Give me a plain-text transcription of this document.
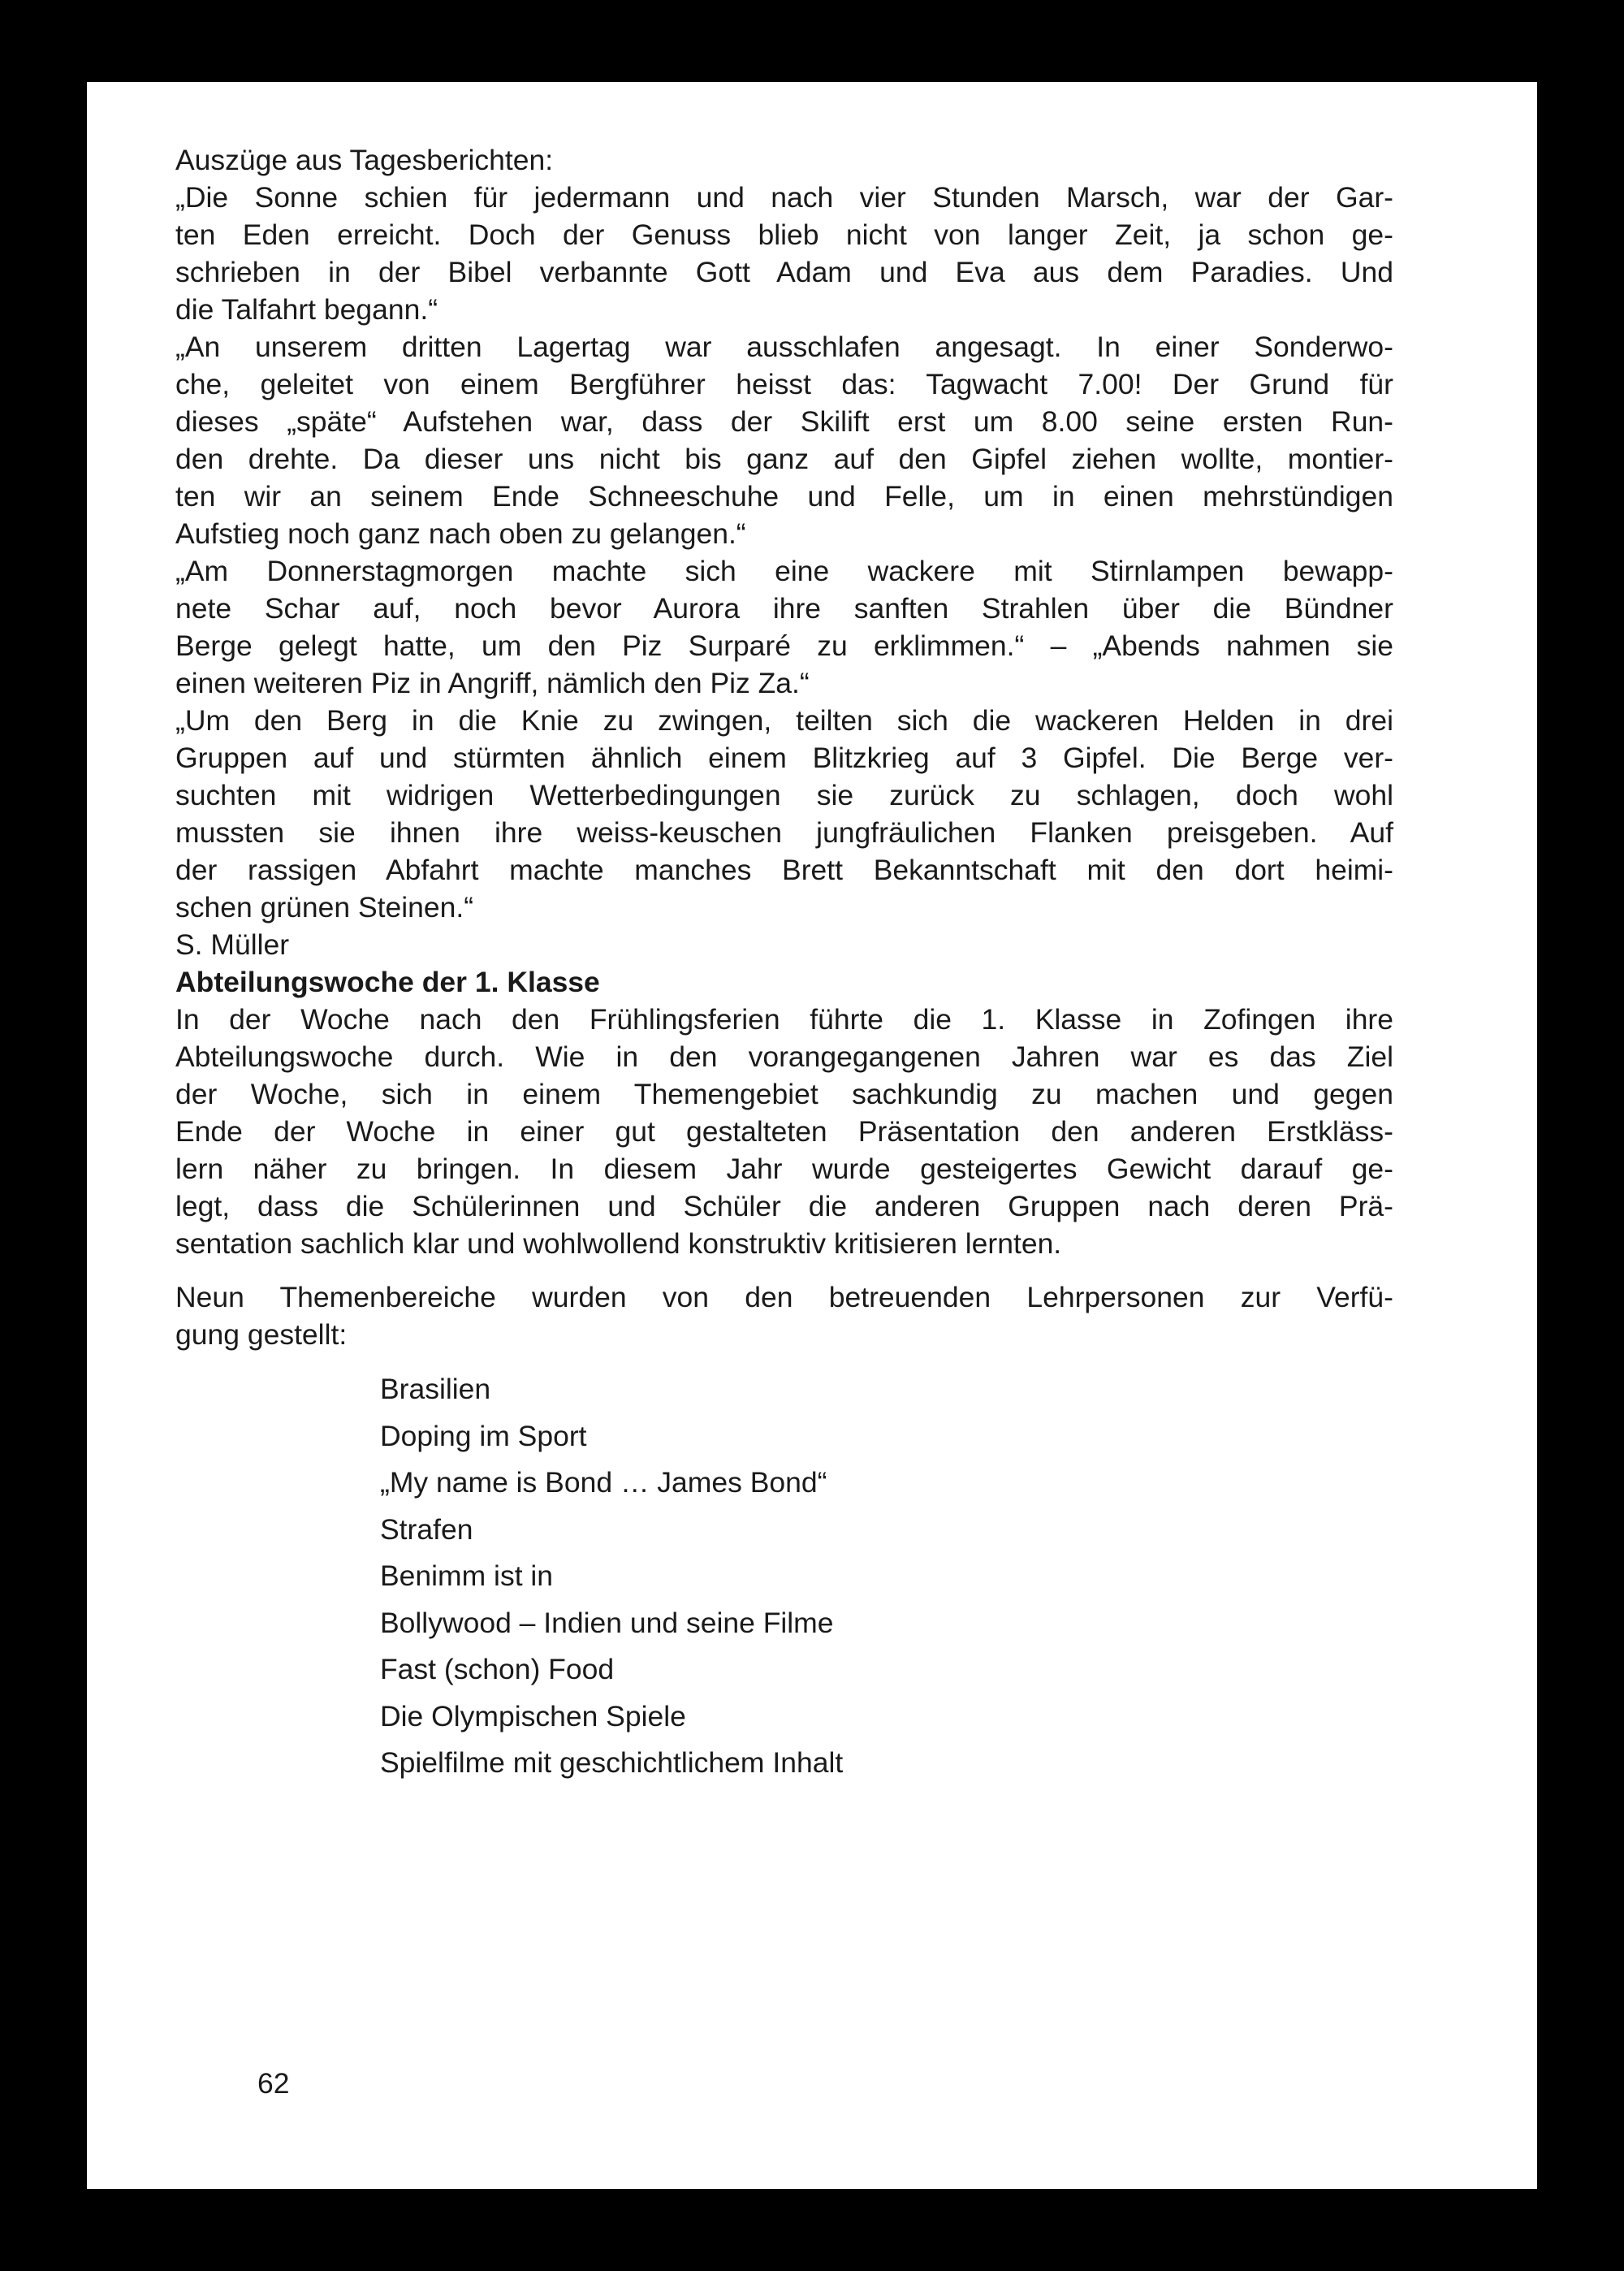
Auszüge aus Tagesberichten:

„Die Sonne schien für jedermann und nach vier Stunden Marsch, war der Gar-
ten Eden erreicht. Doch der Genuss blieb nicht von langer Zeit, ja schon ge-
schrieben in der Bibel verbannte Gott Adam und Eva aus dem Paradies. Und
die Talfahrt begann.“

„An unserem dritten Lagertag war ausschlafen angesagt. In einer Sonderwo-
che, geleitet von einem Bergführer heisst das: Tagwacht 7.00! Der Grund für
dieses „späte“ Aufstehen war, dass der Skilift erst um 8.00 seine ersten Run-
den drehte. Da dieser uns nicht bis ganz auf den Gipfel ziehen wollte, montier-
ten wir an seinem Ende Schneeschuhe und Felle, um in einen mehrstündigen
Aufstieg noch ganz nach oben zu gelangen.“

„Am Donnerstagmorgen machte sich eine wackere mit Stirnlampen bewapp-
nete Schar auf, noch bevor Aurora ihre sanften Strahlen über die Bündner
Berge gelegt hatte, um den Piz Surparé zu erklimmen.“ – „Abends nahmen sie
einen weiteren Piz in Angriff, nämlich den Piz Za.“

„Um den Berg in die Knie zu zwingen, teilten sich die wackeren Helden in drei
Gruppen auf und stürmten ähnlich einem Blitzkrieg auf 3 Gipfel. Die Berge ver-
suchten mit widrigen Wetterbedingungen sie zurück zu schlagen, doch wohl
mussten sie ihnen ihre weiss-keuschen jungfräulichen Flanken preisgeben. Auf
der rassigen Abfahrt machte manches Brett Bekanntschaft mit den dort heimi-
schen grünen Steinen.“

S. Müller

Abteilungswoche der 1. Klasse

In der Woche nach den Frühlingsferien führte die 1. Klasse in Zofingen ihre
Abteilungswoche durch. Wie in den vorangegangenen Jahren war es das Ziel
der Woche, sich in einem Themengebiet sachkundig zu machen und gegen
Ende der Woche in einer gut gestalteten Präsentation den anderen Erstkläss-
lern näher zu bringen. In diesem Jahr wurde gesteigertes Gewicht darauf ge-
legt, dass die Schülerinnen und Schüler die anderen Gruppen nach deren Prä-
sentation sachlich klar und wohlwollend konstruktiv kritisieren lernten.

Neun Themenbereiche wurden von den betreuenden Lehrpersonen zur Verfü-
gung gestellt:

Brasilien
Doping im Sport
„My name is Bond … James Bond“
Strafen
Benimm ist in
Bollywood – Indien und seine Filme
Fast (schon) Food
Die Olympischen Spiele
Spielfilme mit geschichtlichem Inhalt
62
